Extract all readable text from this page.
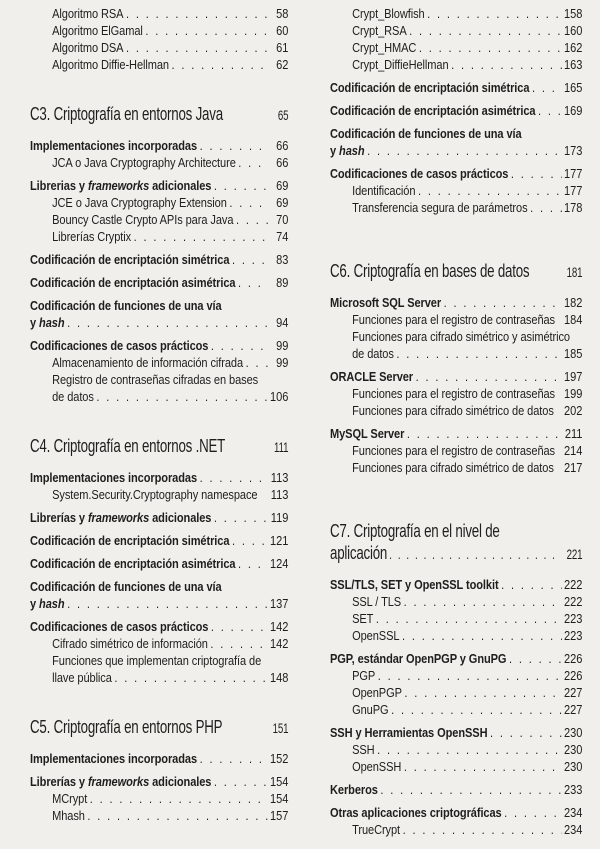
Algoritmo RSA . . .	58
Algoritmo ElGamal . . .	60
Algoritmo DSA . . .	61
Algoritmo Diffie-Hellman . . .	62
C3. Criptografía en entornos Java	65
Implementaciones incorporadas . . .	66
JCA o Java Cryptography Architecture . . .	66
Librerias y frameworks adicionales . . .	69
JCE o Java Cryptography Extension . . .	69
Bouncy Castle Crypto APIs para Java . . .	70
Librerías Cryptix . . .	74
Codificación de encriptación simétrica . . .	83
Codificación de encriptación asimétrica . . .	89
Codificación de funciones de una vía
y hash . . .	94
Codificaciones de casos prácticos . . .	99
Almacenamiento de información cifrada . . .	99
Registro de contraseñas cifradas en bases
de datos . . .	106
C4. Criptografía en entornos .NET	111
Implementaciones incorporadas . . .	113
System.Security.Cryptography namespace 113
Librerías y frameworks adicionales . . .	119
Codificación de encriptación simétrica . . .	121
Codificación de encriptación asimétrica . . .	124
Codificación de funciones de una vía
y hash . . .	137
Codificaciones de casos prácticos . . .	142
Cifrado simétrico de información . . .	142
Funciones que implementan criptografía de
llave pública . . .	148
C5. Criptografía en entornos PHP	151
Implementaciones incorporadas . . .	152
Librerías y frameworks adicionales . . .	154
MCrypt . . .	154
Mhash . . .	157
Crypt_Blowfish . . .	158
Crypt_RSA . . .	160
Crypt_HMAC . . .	162
Crypt_DiffieHellman . . .	163
Codificación de encriptación simétrica . . .	165
Codificación de encriptación asimétrica . . . 169
Codificación de funciones de una vía
y hash . . .	173
Codificaciones de casos prácticos . . .	177
Identificación . . .	177
Transferencia segura de parámetros . . .	178
C6. Criptografía en bases de datos	181
Microsoft SQL Server . . .	182
Funciones para el registro de contraseñas 184
Funciones para cifrado simétrico y asimétrico
de datos . . .	185
ORACLE Server . . .	197
Funciones para el registro de contraseñas 199
Funciones para cifrado simétrico de datos 202
MySQL Server . . .	211
Funciones para el registro de contraseñas 214
Funciones para cifrado simétrico de datos 217
C7. Criptografía en el nivel de
aplicación . . .	221
SSL/TLS, SET y OpenSSL toolkit . . .	222
SSL / TLS . . .	222
SET . . .	223
OpenSSL . . .	223
PGP, estándar OpenPGP y GnuPG . . .	226
PGP . . .	226
OpenPGP . . .	227
GnuPG . . .	227
SSH y Herramientas OpenSSH . . .	230
SSH . . .	230
OpenSSH . . .	230
Kerberos . . .	233
Otras aplicaciones criptográficas . . .	234
TrueCrypt . . .	234
